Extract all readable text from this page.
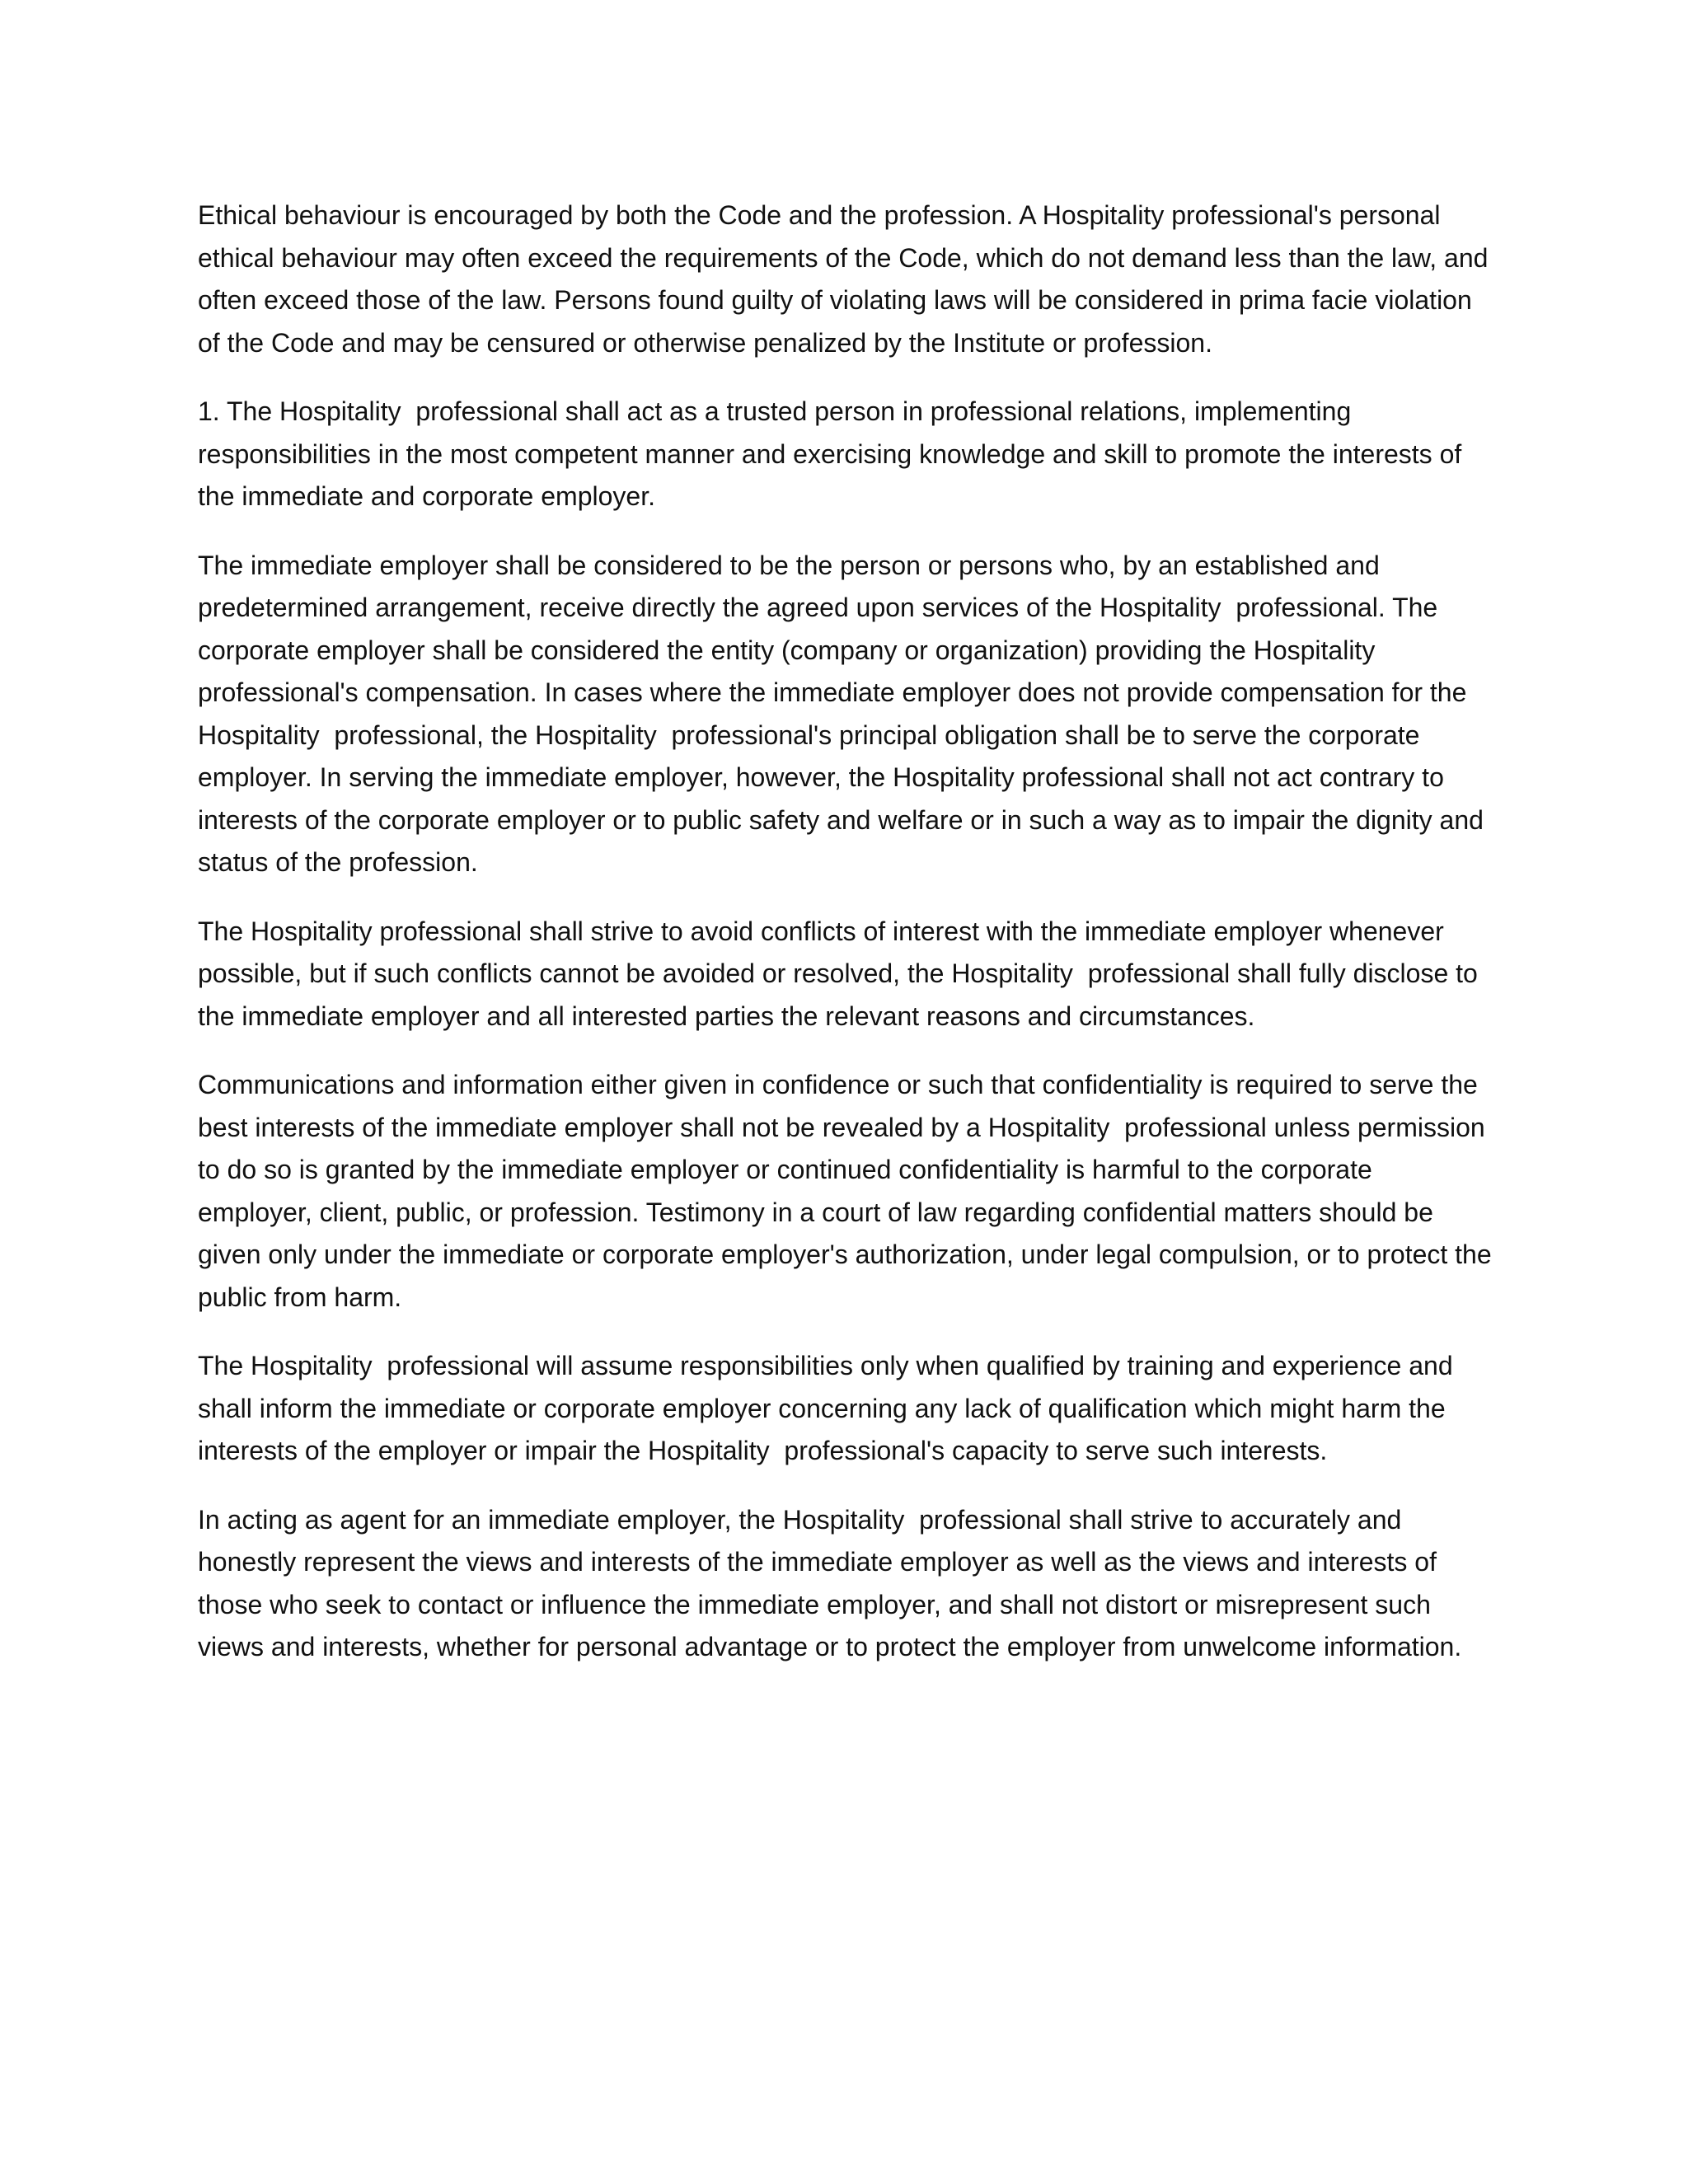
Ethical behaviour is encouraged by both the Code and the profession. A Hospitality professional's personal ethical behaviour may often exceed the requirements of the Code, which do not demand less than the law, and often exceed those of the law. Persons found guilty of violating laws will be considered in prima facie violation of the Code and may be censured or otherwise penalized by the Institute or profession.

1. The Hospitality  professional shall act as a trusted person in professional relations, implementing responsibilities in the most competent manner and exercising knowledge and skill to promote the interests of the immediate and corporate employer.

The immediate employer shall be considered to be the person or persons who, by an established and predetermined arrangement, receive directly the agreed upon services of the Hospitality  professional. The corporate employer shall be considered the entity (company or organization) providing the Hospitality  professional's compensation. In cases where the immediate employer does not provide compensation for the Hospitality  professional, the Hospitality  professional's principal obligation shall be to serve the corporate employer. In serving the immediate employer, however, the Hospitality professional shall not act contrary to interests of the corporate employer or to public safety and welfare or in such a way as to impair the dignity and status of the profession.

The Hospitality professional shall strive to avoid conflicts of interest with the immediate employer whenever possible, but if such conflicts cannot be avoided or resolved, the Hospitality  professional shall fully disclose to the immediate employer and all interested parties the relevant reasons and circumstances.

Communications and information either given in confidence or such that confidentiality is required to serve the best interests of the immediate employer shall not be revealed by a Hospitality  professional unless permission to do so is granted by the immediate employer or continued confidentiality is harmful to the corporate employer, client, public, or profession. Testimony in a court of law regarding confidential matters should be given only under the immediate or corporate employer's authorization, under legal compulsion, or to protect the public from harm.

The Hospitality  professional will assume responsibilities only when qualified by training and experience and shall inform the immediate or corporate employer concerning any lack of qualification which might harm the interests of the employer or impair the Hospitality  professional's capacity to serve such interests.

In acting as agent for an immediate employer, the Hospitality  professional shall strive to accurately and honestly represent the views and interests of the immediate employer as well as the views and interests of those who seek to contact or influence the immediate employer, and shall not distort or misrepresent such views and interests, whether for personal advantage or to protect the employer from unwelcome information.
